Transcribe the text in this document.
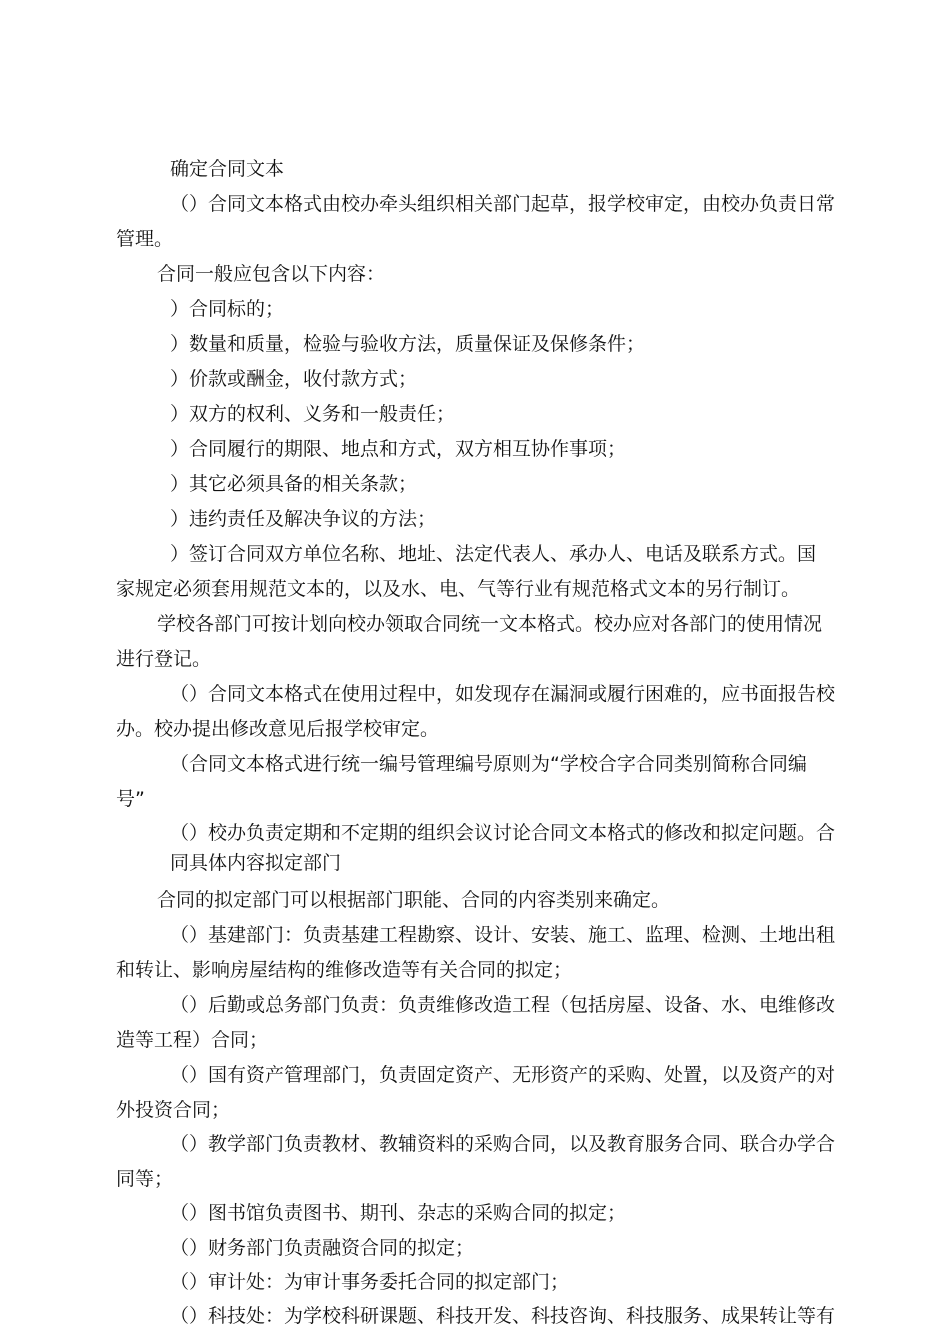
确定合同文本
（）合同文本格式由校办牵头组织相关部门起草，报学校审定，由校办负责日常
管理。
合同一般应包含以下内容：
）合同标的；
）数量和质量，检验与验收方法，质量保证及保修条件；
）价款或酬金，收付款方式；
）双方的权利、义务和一般责任；
）合同履行的期限、地点和方式，双方相互协作事项；
）其它必须具备的相关条款；
）违约责任及解决争议的方法；
）签订合同双方单位名称、地址、法定代表人、承办人、电话及联系方式。国
家规定必须套用规范文本的，以及水、电、气等行业有规范格式文本的另行制订。
学校各部门可按计划向校办领取合同统一文本格式。校办应对各部门的使用情况
进行登记。
（）合同文本格式在使用过程中，如发现存在漏洞或履行困难的，应书面报告校
办。校办提出修改意见后报学校审定。
（合同文本格式进行统一编号管理编号原则为“学校合字合同类别简称合同编
号”
（）校办负责定期和不定期的组织会议讨论合同文本格式的修改和拟定问题。合
同具体内容拟定部门
合同的拟定部门可以根据部门职能、合同的内容类别来确定。
（）基建部门：负责基建工程勘察、设计、安装、施工、监理、检测、土地出租
和转让、影响房屋结构的维修改造等有关合同的拟定；
（）后勤或总务部门负责：负责维修改造工程（包括房屋、设备、水、电维修改
造等工程）合同；
（）国有资产管理部门，负责固定资产、无形资产的采购、处置，以及资产的对
外投资合同；
（）教学部门负责教材、教辅资料的采购合同，以及教育服务合同、联合办学合
同等；
（）图书馆负责图书、期刊、杂志的采购合同的拟定；
（）财务部门负责融资合同的拟定；
（）审计处：为审计事务委托合同的拟定部门；
（）科技处：为学校科研课题、科技开发、科技咨询、科技服务、成果转让等有
